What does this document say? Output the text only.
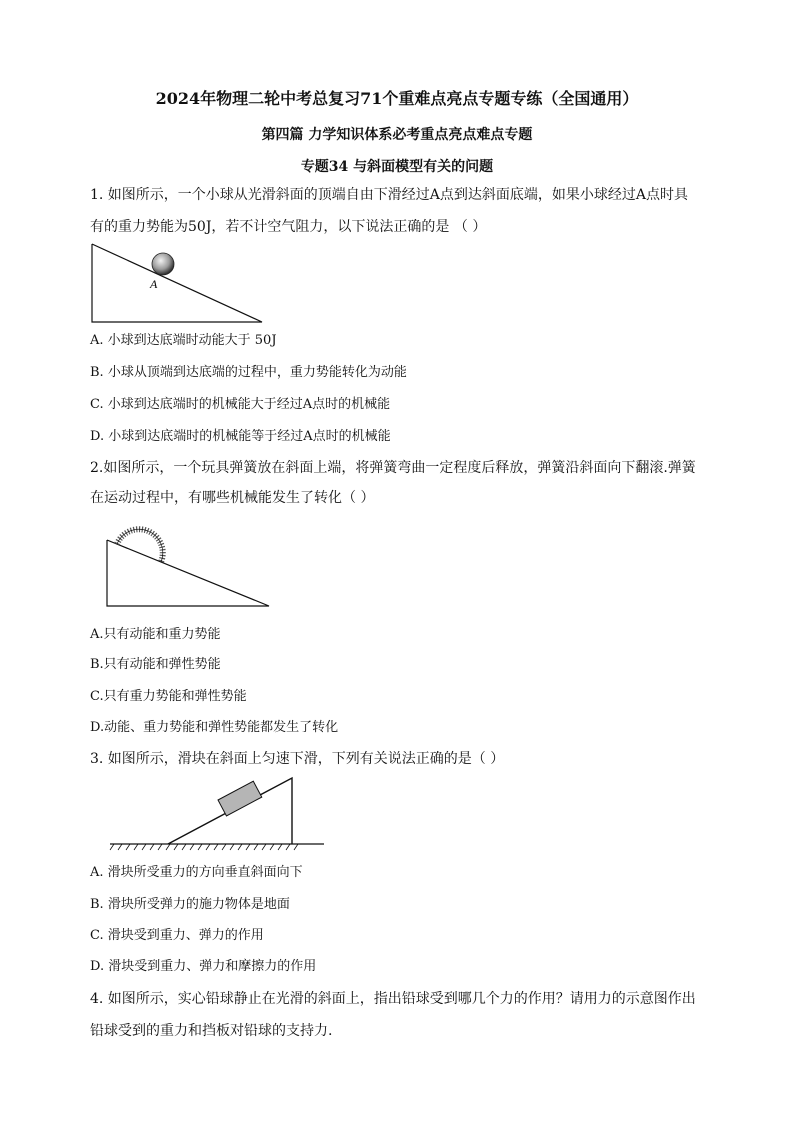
2024年物理二轮中考总复习71个重难点亮点专题专练（全国通用）
第四篇 力学知识体系必考重点亮点难点专题
专题34 与斜面模型有关的问题
1. 如图所示，一个小球从光滑斜面的顶端自由下滑经过A点到达斜面底端，如果小球经过A点时具
有的重力势能为50J，若不计空气阻力，以下说法正确的是 （ ）
A
A. 小球到达底端时动能大于 50J
B. 小球从顶端到达底端的过程中，重力势能转化为动能
C. 小球到达底端时的机械能大于经过A点时的机械能
D. 小球到达底端时的机械能等于经过A点时的机械能
2.如图所示，一个玩具弹簧放在斜面上端，将弹簧弯曲一定程度后释放，弹簧沿斜面向下翻滚.弹簧
在运动过程中，有哪些机械能发生了转化（ ）
A.只有动能和重力势能
B.只有动能和弹性势能
C.只有重力势能和弹性势能
D.动能、重力势能和弹性势能都发生了转化
3. 如图所示，滑块在斜面上匀速下滑，下列有关说法正确的是（ ）
A. 滑块所受重力的方向垂直斜面向下
B. 滑块所受弹力的施力物体是地面
C. 滑块受到重力、弹力的作用
D. 滑块受到重力、弹力和摩擦力的作用
4. 如图所示，实心铅球静止在光滑的斜面上，指出铅球受到哪几个力的作用？请用力的示意图作出
铅球受到的重力和挡板对铅球的支持力.
